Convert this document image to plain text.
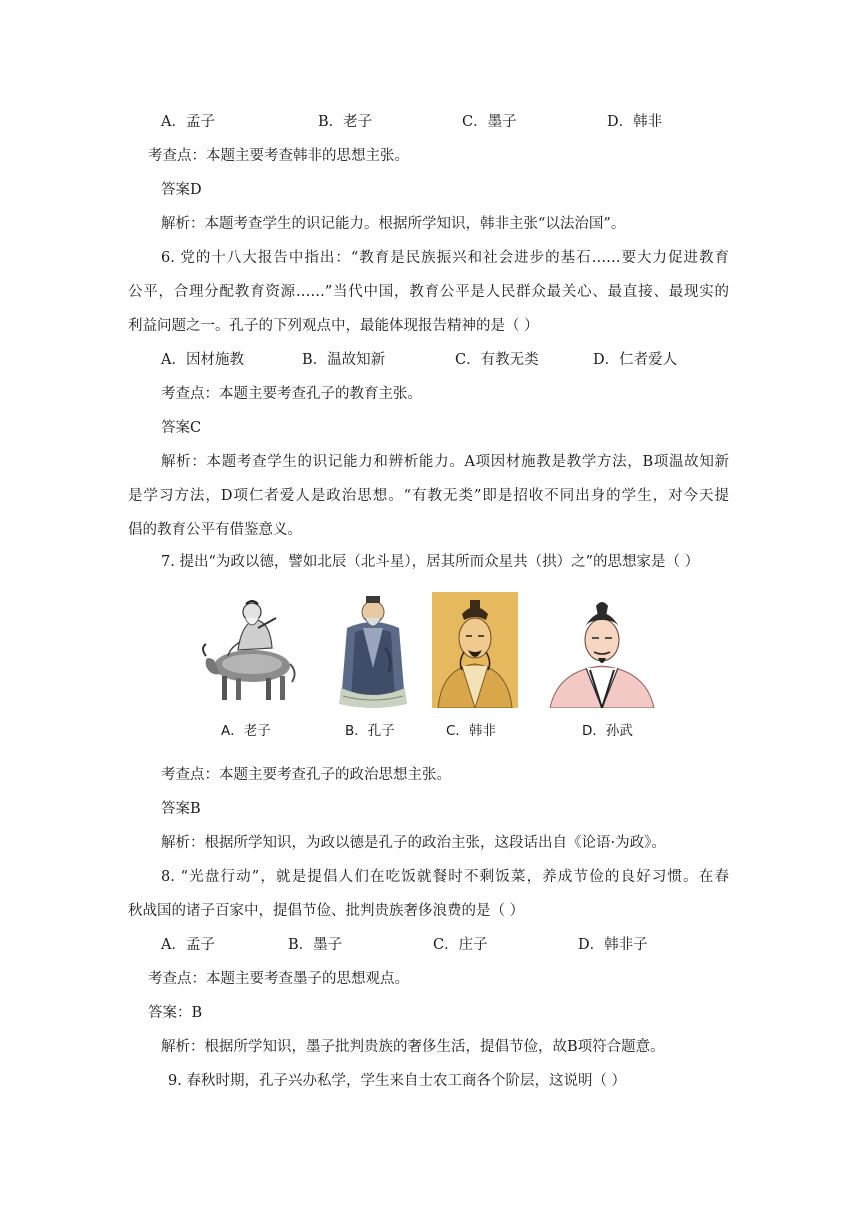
A．孟子	B．老子	C．墨子	D．韩非
考查点：本题主要考查韩非的思想主张。
答案D
解析：本题考查学生的识记能力。根据所学知识，韩非主张“以法治国”。
6. 党的十八大报告中指出：“教育是民族振兴和社会进步的基石……要大力促进教育
公平，合理分配教育资源……”当代中国，教育公平是人民群众最关心、最直接、最现实的
利益问题之一。孔子的下列观点中，最能体现报告精神的是（ ）
A．因材施教	B．温故知新	C．有教无类	D．仁者爱人
考查点：本题主要考查孔子的教育主张。
答案C
解析：本题考查学生的识记能力和辨析能力。A项因材施教是教学方法，B项温故知新
是学习方法，D项仁者爱人是政治思想。“有教无类”即是招收不同出身的学生，对今天提
倡的教育公平有借鉴意义。
7. 提出“为政以德，譬如北辰（北斗星），居其所而众星共（拱）之”的思想家是（ ）
A．老子	B．孔子	C．韩非	D．孙武
考查点：本题主要考查孔子的政治思想主张。
答案B
解析：根据所学知识，为政以德是孔子的政治主张，这段话出自《论语·为政》。
8. “光盘行动”，就是提倡人们在吃饭就餐时不剩饭菜，养成节俭的良好习惯。在春
秋战国的诸子百家中，提倡节俭、批判贵族奢侈浪费的是（ ）
A．孟子	B．墨子	C．庄子	D．韩非子
考查点：本题主要考查墨子的思想观点。
答案：B
解析：根据所学知识，墨子批判贵族的奢侈生活，提倡节俭，故B项符合题意。
9. 春秋时期，孔子兴办私学，学生来自士农工商各个阶层，这说明（ ）
